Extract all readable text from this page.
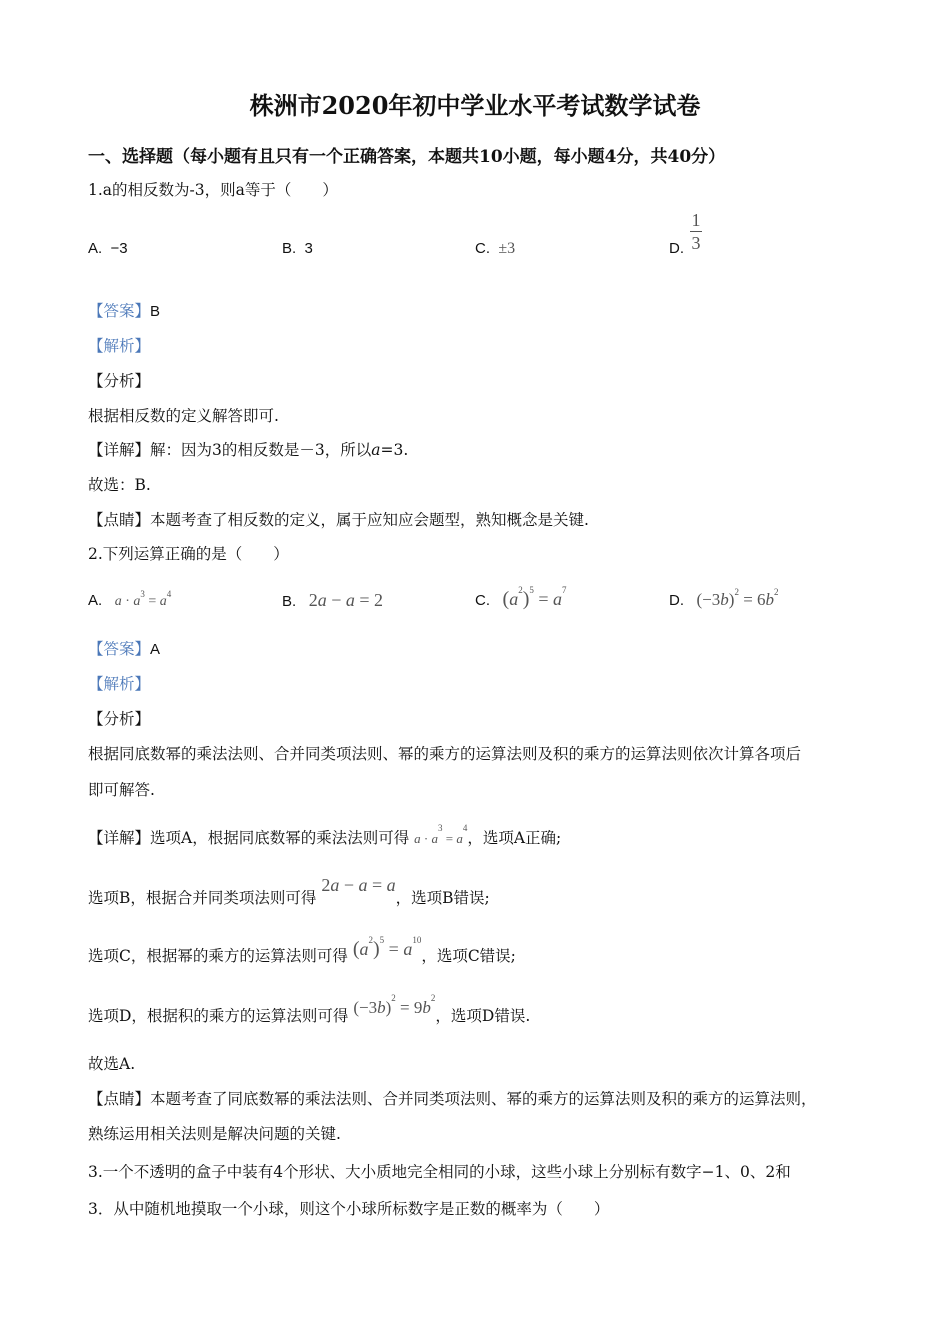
株洲市2020年初中学业水平考试数学试卷
一、选择题（每小题有且只有一个正确答案，本题共10小题，每小题4分，共40分）
1.a的相反数为-3，则a等于（　　）
A. −3	B. 3	C. ±3	D.
1
3
【答案】B
【解析】
【分析】
根据相反数的定义解答即可.
【详解】解：因为3的相反数是－3，所以a=3.
故选：B.
【点睛】本题考查了相反数的定义，属于应知应会题型，熟知概念是关键.
2.下列运算正确的是（　　）
A. $a \cdot a^3 = a^4$	B. 2a − a = 2	C. $(a^2)^5 = a^7$
D. $(-3b)^2 = 6b^2$
【答案】A
【解析】
【分析】
根据同底数幂的乘法法则、合并同类项法则、幂的乘方的运算法则及积的乘方的运算法则依次计算各项后
即可解答.
【详解】选项A，根据同底数幂的乘法法则可得 $a \cdot a^3 = a^4$，选项A正确;
选项B，根据合并同类项法则可得 2a − a = a，选项B错误;
选项C，根据幂的乘方的运算法则可得 $(a^2)^5 = a^{10}$，选项C错误;
选项D，根据积的乘方的运算法则可得 $(-3b)^2 = 9b^2$，选项D错误.
故选A.
【点睛】本题考查了同底数幂的乘法法则、合并同类项法则、幂的乘方的运算法则及积的乘方的运算法则，
熟练运用相关法则是解决问题的关键.
3.一个不透明的盒子中装有4个形状、大小质地完全相同的小球，这些小球上分别标有数字−1、0、2和
3．从中随机地摸取一个小球，则这个小球所标数字是正数的概率为（　　）
